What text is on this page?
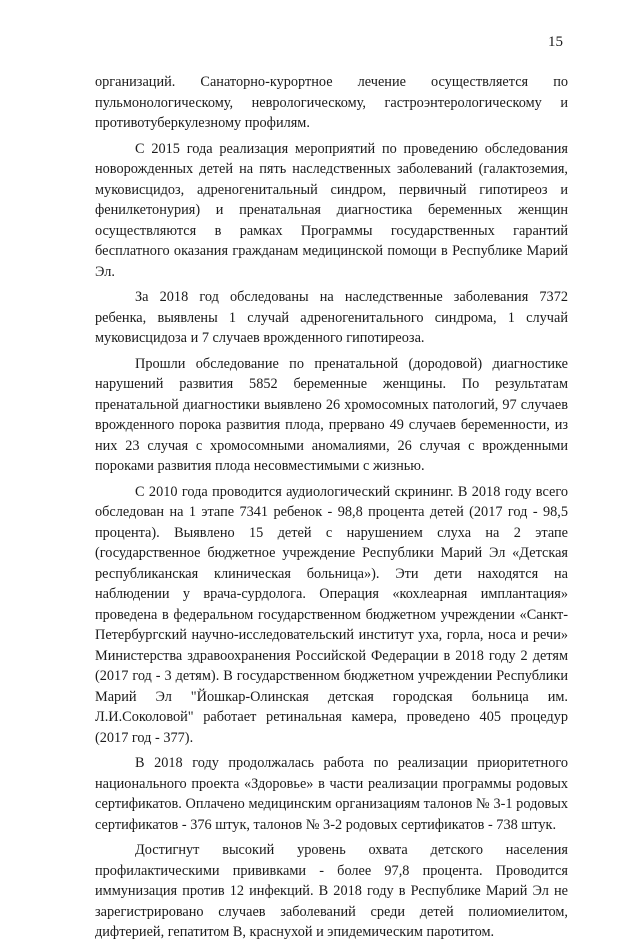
15

организаций. Санаторно-курортное лечение осуществляется по пульмонологическому, неврологическому, гастроэнтерологическому и противотуберкулезному профилям.

С 2015 года реализация мероприятий по проведению обследования новорожденных детей на пять наследственных заболеваний (галактоземия, муковисцидоз, адреногенитальный синдром, первичный гипотиреоз и фенилкетонурия) и пренатальная диагностика беременных женщин осуществляются в рамках Программы государственных гарантий бесплатного оказания гражданам медицинской помощи в Республике Марий Эл.

За 2018 год обследованы на наследственные заболевания 7372 ребенка, выявлены 1 случай адреногенитального синдрома, 1 случай муковисцидоза и 7 случаев врожденного гипотиреоза.

Прошли обследование по пренатальной (дородовой) диагностике нарушений развития 5852 беременные женщины. По результатам пренатальной диагностики выявлено 26 хромосомных патологий, 97 случаев врожденного порока развития плода, прервано 49 случаев беременности, из них 23 случая с хромосомными аномалиями, 26 случая с врожденными пороками развития плода несовместимыми с жизнью.

С 2010 года проводится аудиологический скрининг. В 2018 году всего обследован на 1 этапе 7341 ребенок - 98,8 процента детей (2017 год - 98,5 процента). Выявлено 15 детей с нарушением слуха на 2 этапе (государственное бюджетное учреждение Республики Марий Эл «Детская республиканская клиническая больница»). Эти дети находятся на наблюдении у врача-сурдолога. Операция «кохлеарная имплантация» проведена в федеральном государственном бюджетном учреждении «Санкт-Петербургский научно-исследовательский институт уха, горла, носа и речи» Министерства здравоохранения Российской Федерации в 2018 году 2 детям (2017 год - 3 детям). В государственном бюджетном учреждении Республики Марий Эл "Йошкар-Олинская детская городская больница им. Л.И.Соколовой" работает ретинальная камера, проведено 405 процедур (2017 год - 377).

В 2018 году продолжалась работа по реализации приоритетного национального проекта «Здоровье» в части реализации программы родовых сертификатов. Оплачено медицинским организациям талонов № 3-1 родовых сертификатов - 376 штук, талонов № 3-2 родовых сертификатов - 738 штук.

Достигнут высокий уровень охвата детского населения профилактическими прививками - более 97,8 процента. Проводится иммунизация против 12 инфекций. В 2018 году в Республике Марий Эл не зарегистрировано случаев заболеваний среди детей полиомиелитом, дифтерией, гепатитом В, краснухой и эпидемическим паротитом.
